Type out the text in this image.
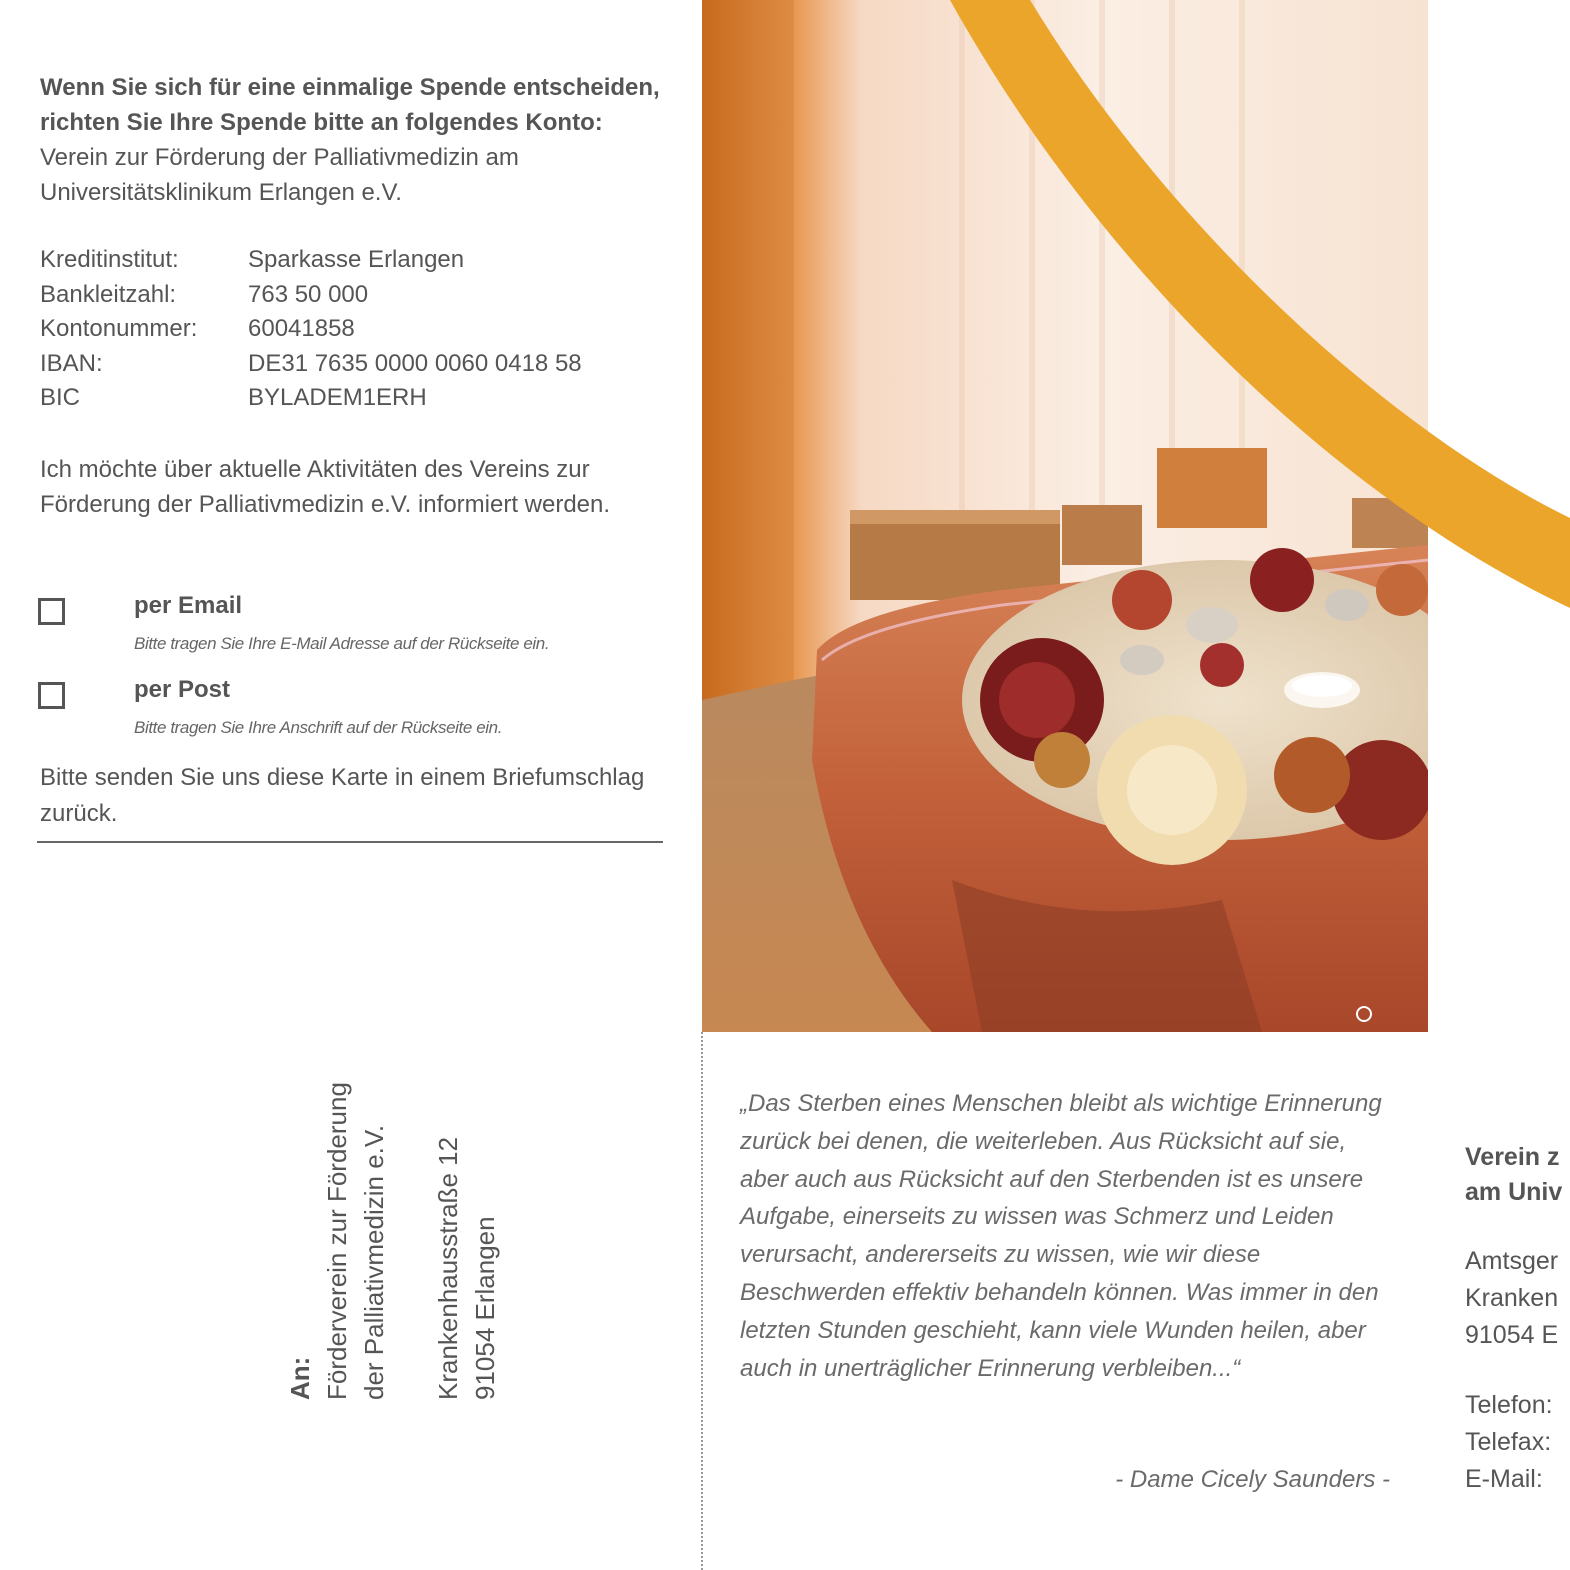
Wenn Sie sich für eine einmalige Spende entscheiden, richten Sie Ihre Spende bitte an folgendes Konto:
Verein zur Förderung der Palliativmedizin am Universitätsklinikum Erlangen e.V.
Kreditinstitut:	Sparkasse Erlangen
Bankleitzahl:	763 50 000
Kontonummer:	60041858
IBAN:	DE31 7635 0000 0060 0418 58
BIC	BYLADEM1ERH
Ich möchte über aktuelle Aktivitäten des Vereins zur Förderung der Palliativmedizin e.V. informiert werden.
per Email
Bitte tragen Sie Ihre E-Mail Adresse auf der Rückseite ein.
per Post
Bitte tragen Sie Ihre Anschrift auf der Rückseite ein.
Bitte senden Sie uns diese Karte in einem Briefumschlag zurück.
An: Förderverein zur Förderung der Palliativmedizin e.V. Krankenhausstraße 12 91054 Erlangen
„Das Sterben eines Menschen bleibt als wichtige Erinnerung zurück bei denen, die weiterleben. Aus Rücksicht auf sie, aber auch aus Rücksicht auf den Sterbenden ist es unsere Aufgabe, einerseits zu wissen was Schmerz und Leiden verursacht, andererseits zu wissen, wie wir diese Beschwerden effektiv behandeln können. Was immer in den letzten Stunden geschieht, kann viele Wunden heilen, aber auch in unerträglicher Erinnerung verbleiben...“
- Dame Cicely Saunders -
Verein z
am Univ
Amtsger
Kranken
91054 E
Telefon:
Telefax:
E-Mail:
